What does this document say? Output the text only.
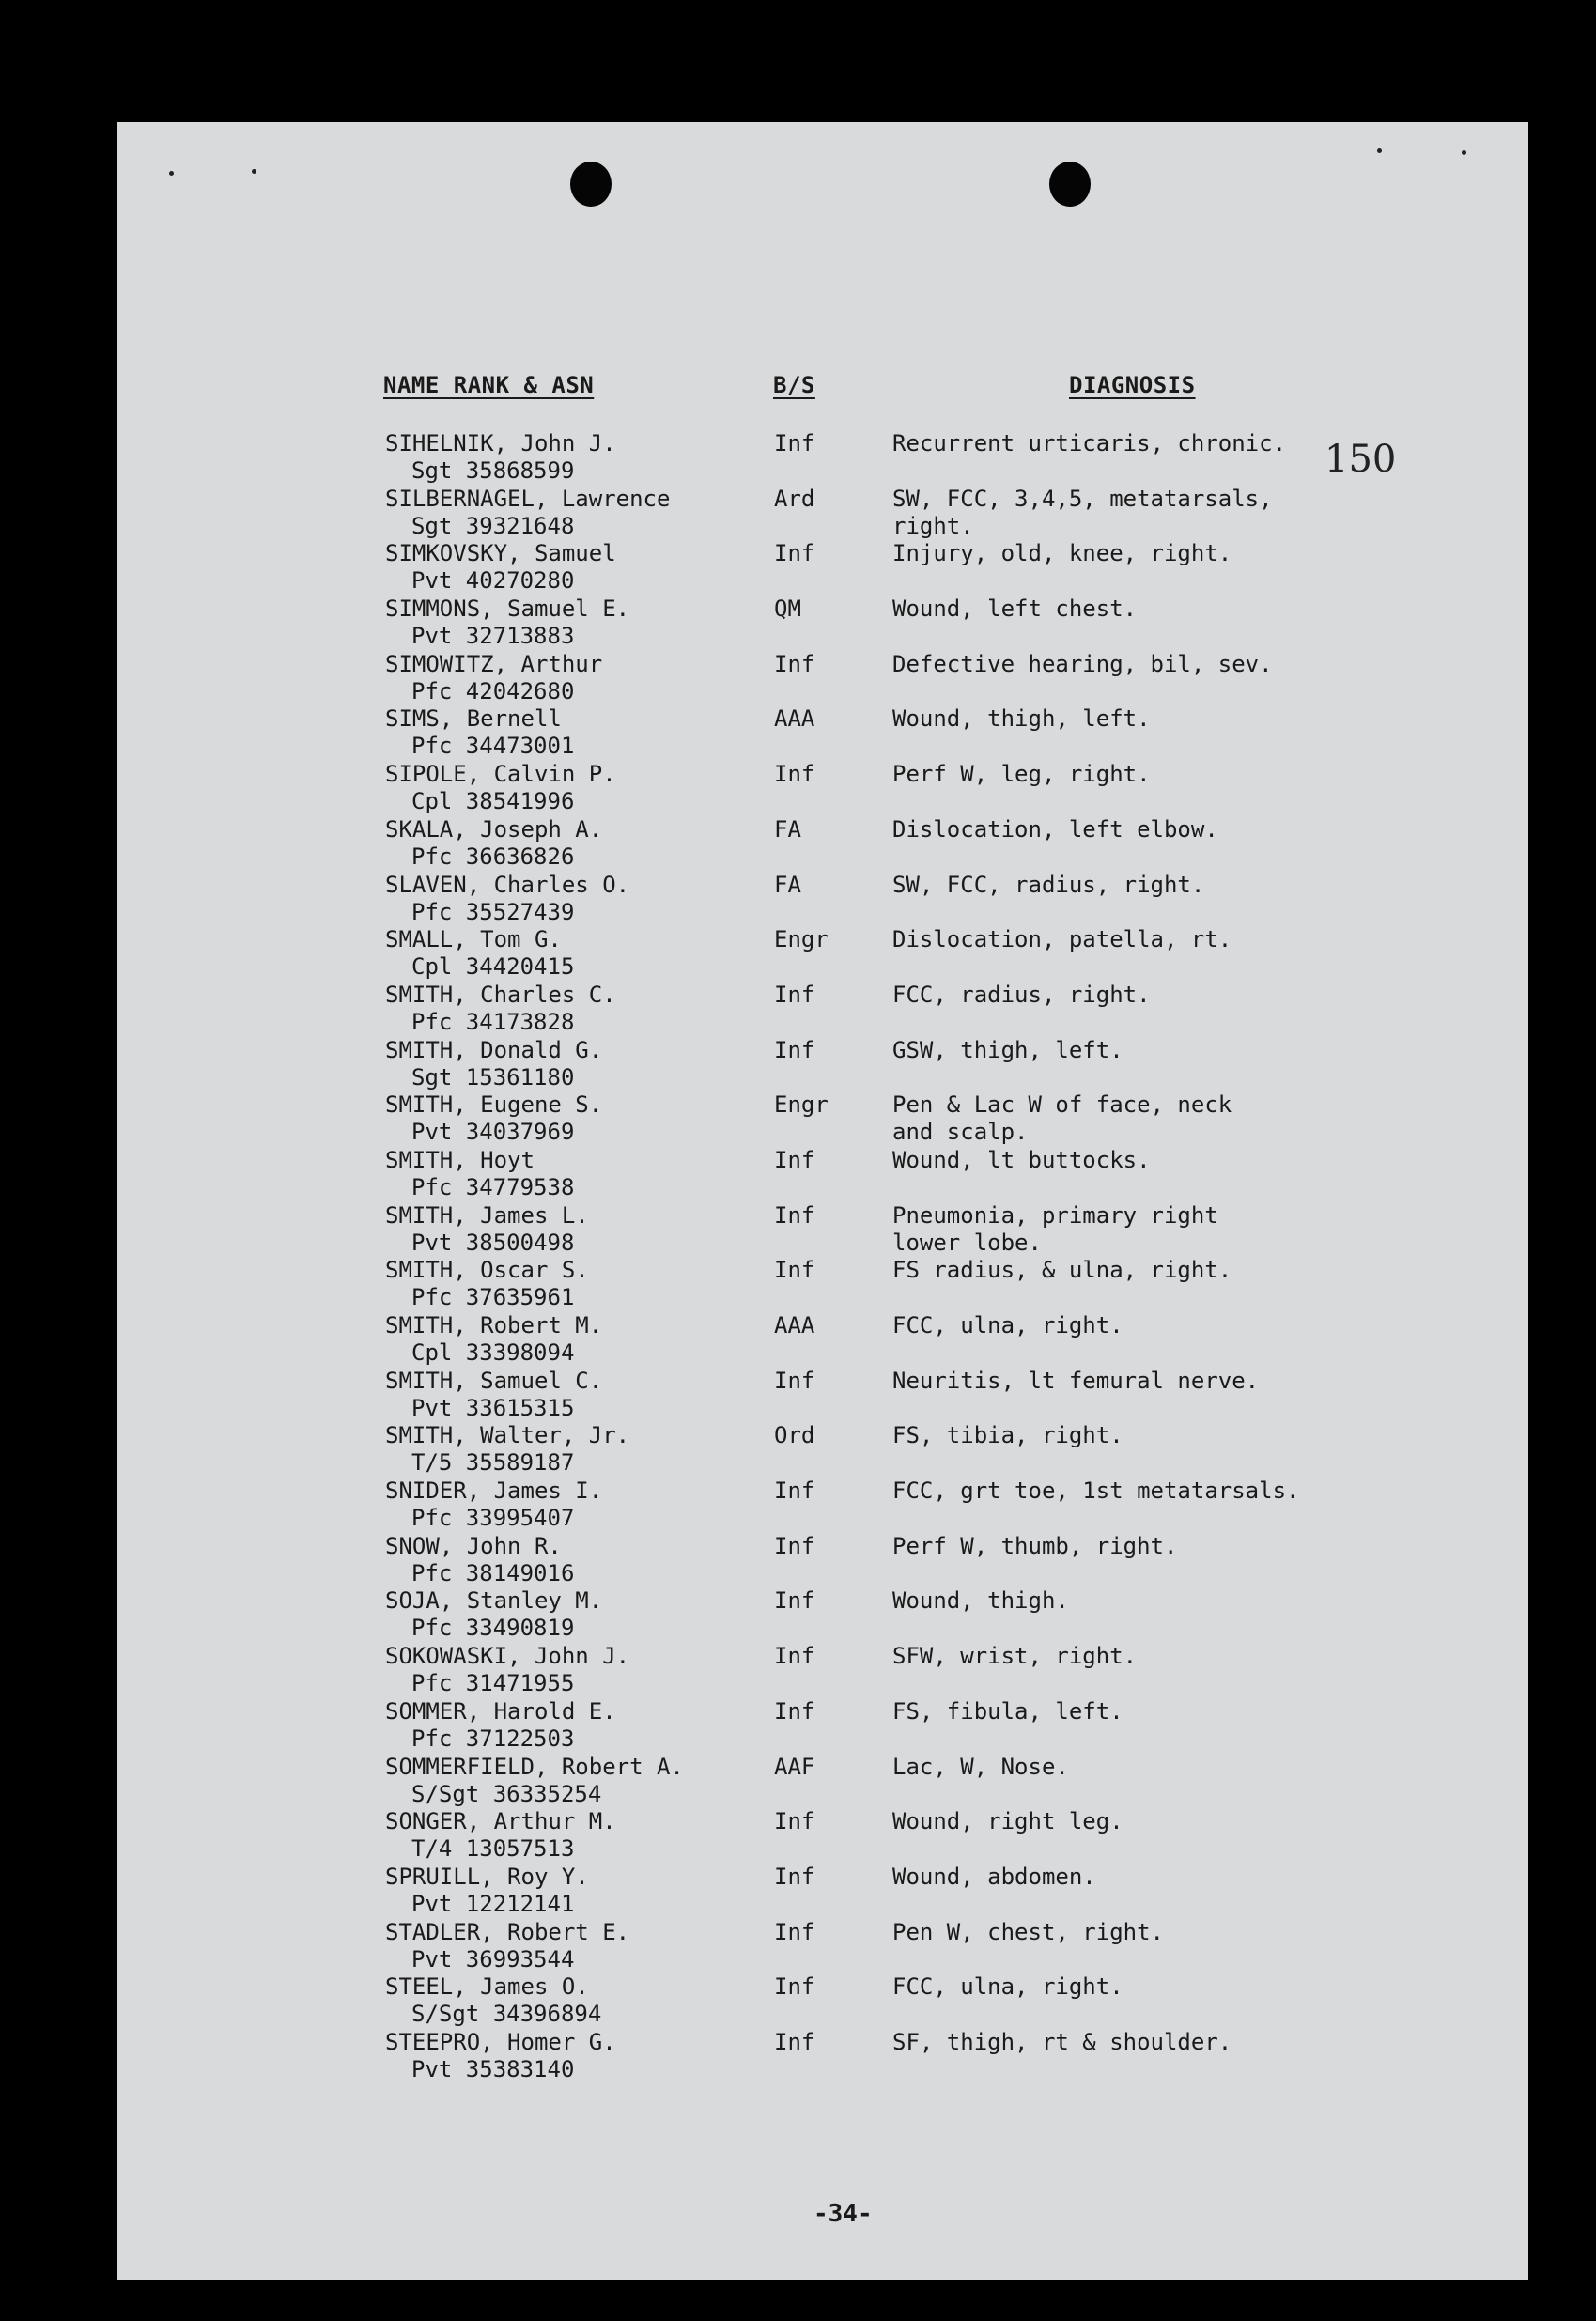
NAME RANK & ASN	B/S	DIAGNOSIS
150
SIHELNIK, John J.
Sgt 35868599
Inf	Recurrent urticaris, chronic.
SILBERNAGEL, Lawrence
Sgt 39321648
Ard	SW, FCC, 3,4,5, metatarsals,
right.
SIMKOVSKY, Samuel
Pvt 40270280
Inf	Injury, old, knee, right.
SIMMONS, Samuel E.
Pvt 32713883
QM	Wound, left chest.
SIMOWITZ, Arthur
Pfc 42042680
Inf	Defective hearing, bil, sev.
SIMS, Bernell
Pfc 34473001
AAA	Wound, thigh, left.
SIPOLE, Calvin P.
Cpl 38541996
Inf	Perf W, leg, right.
SKALA, Joseph A.
Pfc 36636826
FA	Dislocation, left elbow.
SLAVEN, Charles O.
Pfc 35527439
FA	SW, FCC, radius, right.
SMALL, Tom G.
Cpl 34420415
Engr	Dislocation, patella, rt.
SMITH, Charles C.
Pfc 34173828
Inf	FCC, radius, right.
SMITH, Donald G.
Sgt 15361180
Inf	GSW, thigh, left.
SMITH, Eugene S.
Pvt 34037969
Engr	Pen & Lac W of face, neck
and scalp.
SMITH, Hoyt
Pfc 34779538
Inf	Wound, lt buttocks.
SMITH, James L.
Pvt 38500498
Inf	Pneumonia, primary right
lower lobe.
SMITH, Oscar S.
Pfc 37635961
Inf	FS radius, & ulna, right.
SMITH, Robert M.
Cpl 33398094
AAA	FCC, ulna, right.
SMITH, Samuel C.
Pvt 33615315
Inf	Neuritis, lt femural nerve.
SMITH, Walter, Jr.
T/5 35589187
Ord	FS, tibia, right.
SNIDER, James I.
Pfc 33995407
Inf	FCC, grt toe, 1st metatarsals.
SNOW, John R.
Pfc 38149016
Inf	Perf W, thumb, right.
SOJA, Stanley M.
Pfc 33490819
Inf	Wound, thigh.
SOKOWASKI, John J.
Pfc 31471955
Inf	SFW, wrist, right.
SOMMER, Harold E.
Pfc 37122503
Inf	FS, fibula, left.
SOMMERFIELD, Robert A.
S/Sgt 36335254
AAF	Lac, W, Nose.
SONGER, Arthur M.
T/4 13057513
Inf	Wound, right leg.
SPRUILL, Roy Y.
Pvt 12212141
Inf	Wound, abdomen.
STADLER, Robert E.
Pvt 36993544
Inf	Pen W, chest, right.
STEEL, James O.
S/Sgt 34396894
Inf	FCC, ulna, right.
STEEPRO, Homer G.
Pvt 35383140
Inf	SF, thigh, rt & shoulder.
-34-
